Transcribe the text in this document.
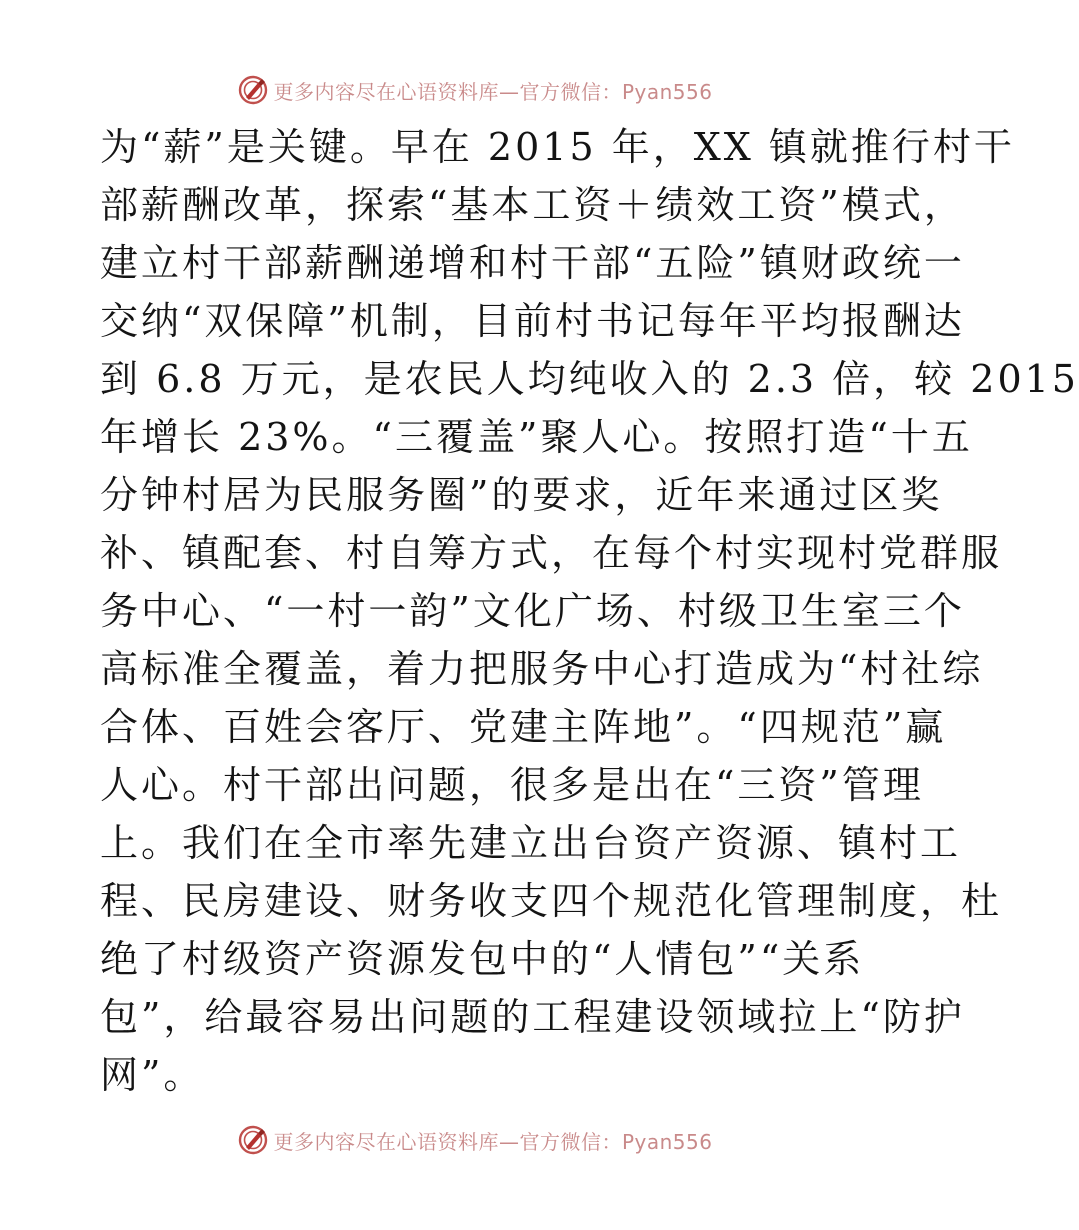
更多内容尽在心语资料库—官方微信：Pyan556
为“薪”是关键。早在 2015 年，XX 镇就推行村干
部薪酬改革，探索“基本工资＋绩效工资”模式，
建立村干部薪酬递增和村干部“五险”镇财政统一
交纳“双保障”机制，目前村书记每年平均报酬达
到 6.8 万元，是农民人均纯收入的 2.3 倍，较 2015
年增长 23%。“三覆盖”聚人心。按照打造“十五
分钟村居为民服务圈”的要求，近年来通过区奖
补、镇配套、村自筹方式，在每个村实现村党群服
务中心、“一村一韵”文化广场、村级卫生室三个
高标准全覆盖，着力把服务中心打造成为“村社综
合体、百姓会客厅、党建主阵地”。“四规范”赢
人心。村干部出问题，很多是出在“三资”管理
上。我们在全市率先建立出台资产资源、镇村工
程、民房建设、财务收支四个规范化管理制度，杜
绝了村级资产资源发包中的“人情包”“关系
包”，给最容易出问题的工程建设领域拉上“防护
网”。
更多内容尽在心语资料库—官方微信：Pyan556
